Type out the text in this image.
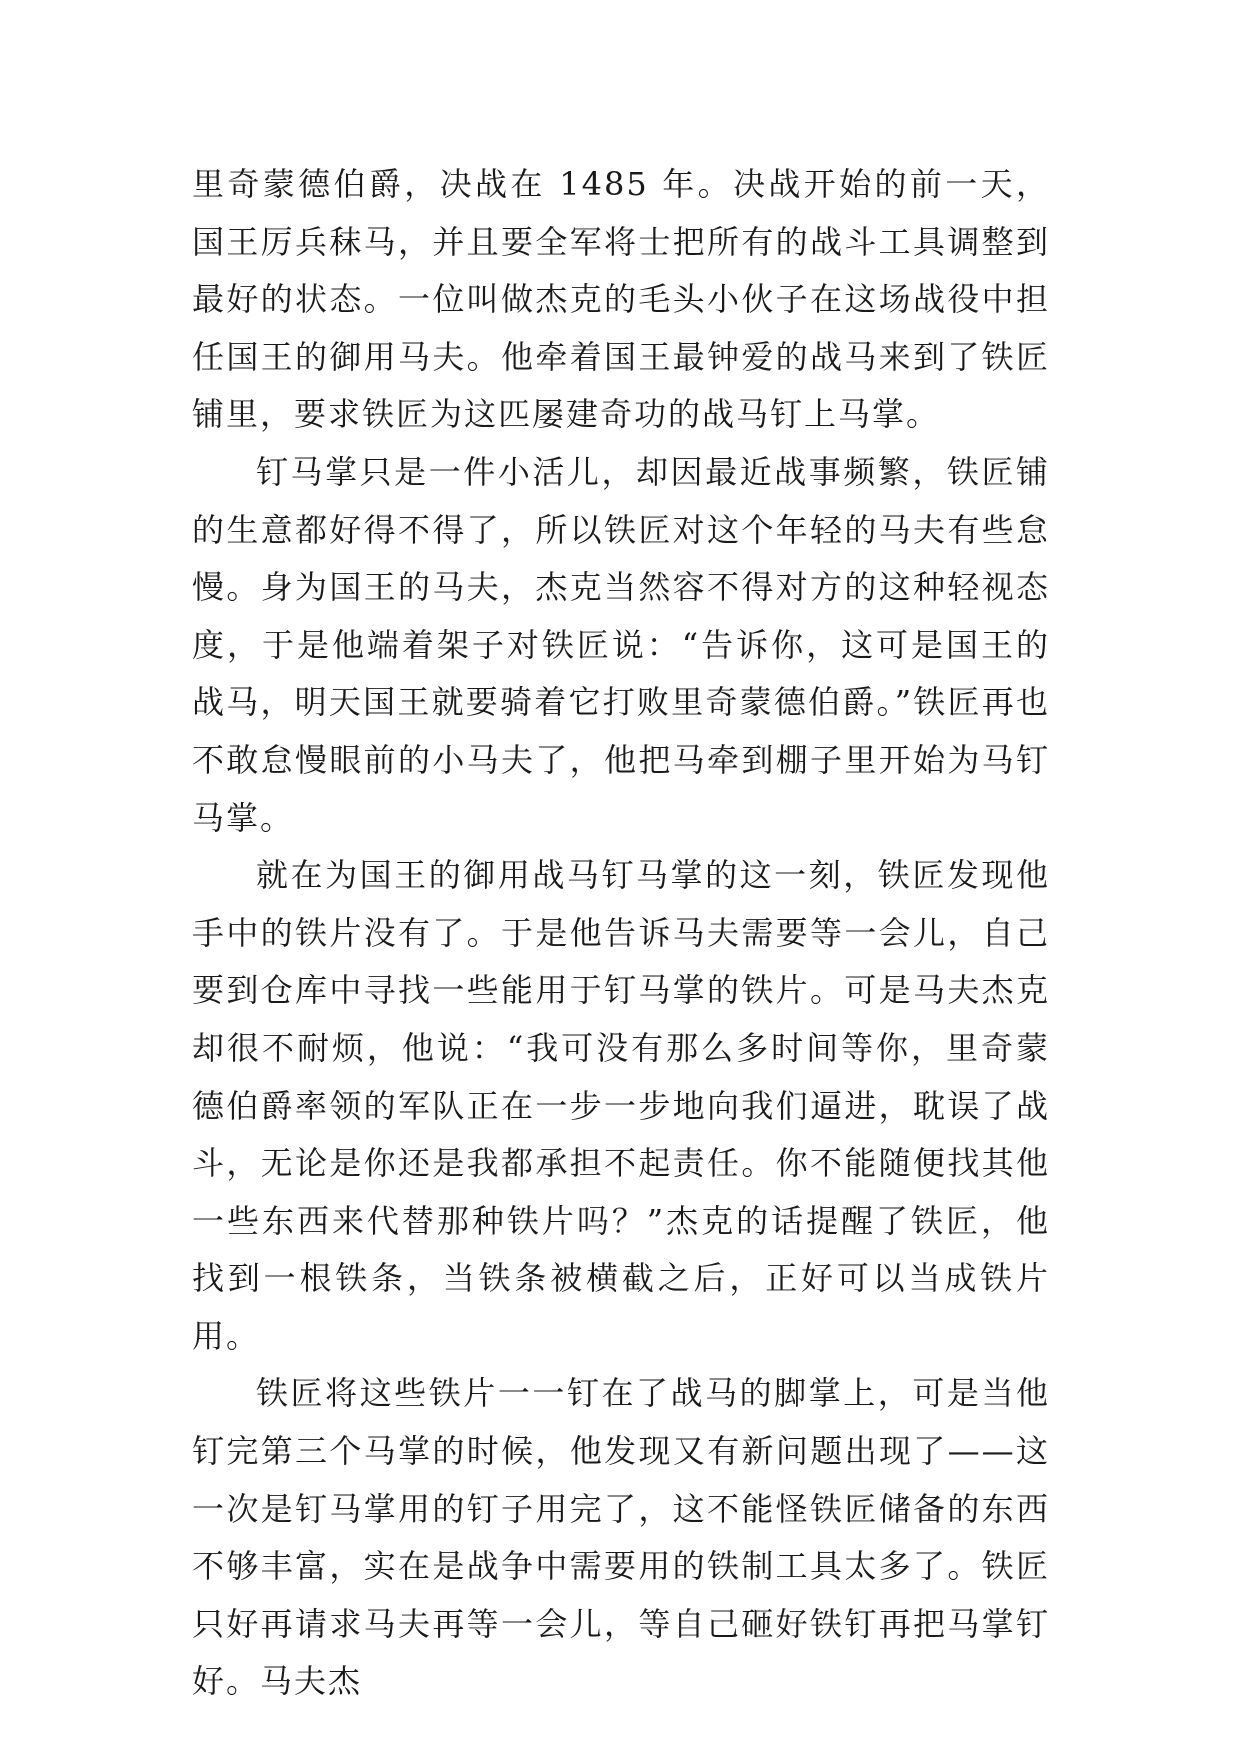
里奇蒙德伯爵，决战在 1485 年。决战开始的前一天，国王厉兵秣马，并且要全军将士把所有的战斗工具调整到最好的状态。一位叫做杰克的毛头小伙子在这场战役中担任国王的御用马夫。他牵着国王最钟爱的战马来到了铁匠铺里，要求铁匠为这匹屡建奇功的战马钉上马掌。

钉马掌只是一件小活儿，却因最近战事频繁，铁匠铺的生意都好得不得了，所以铁匠对这个年轻的马夫有些怠慢。身为国王的马夫，杰克当然容不得对方的这种轻视态度，于是他端着架子对铁匠说：“告诉你，这可是国王的战马，明天国王就要骑着它打败里奇蒙德伯爵。”铁匠再也不敢怠慢眼前的小马夫了，他把马牵到棚子里开始为马钉马掌。

就在为国王的御用战马钉马掌的这一刻，铁匠发现他手中的铁片没有了。于是他告诉马夫需要等一会儿，自己要到仓库中寻找一些能用于钉马掌的铁片。可是马夫杰克却很不耐烦，他说：“我可没有那么多时间等你，里奇蒙德伯爵率领的军队正在一步一步地向我们逼进，耽误了战斗，无论是你还是我都承担不起责任。你不能随便找其他一些东西来代替那种铁片吗？”杰克的话提醒了铁匠，他找到一根铁条，当铁条被横截之后，正好可以当成铁片用。

铁匠将这些铁片一一钉在了战马的脚掌上，可是当他钉完第三个马掌的时候，他发现又有新问题出现了——这一次是钉马掌用的钉子用完了，这不能怪铁匠储备的东西不够丰富，实在是战争中需要用的铁制工具太多了。铁匠只好再请求马夫再等一会儿，等自己砸好铁钉再把马掌钉好。马夫杰
